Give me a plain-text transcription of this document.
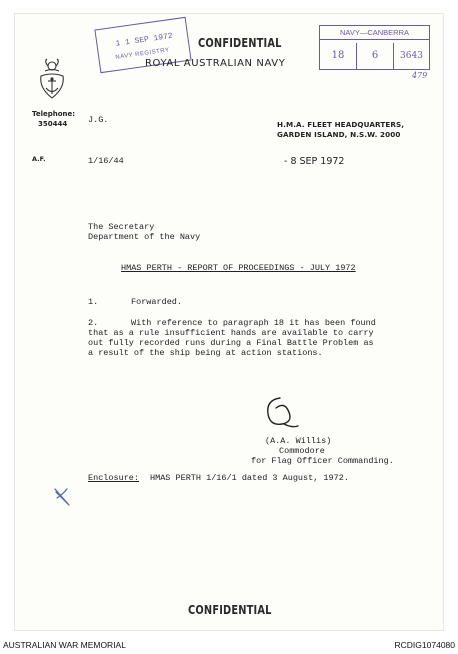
1 1 SEP 1972
NAVY REGISTRY
CONFIDENTIAL
NAVY—CANBERRA
18	6	3643
479
ROYAL AUSTRALIAN NAVY
Telephone:
350444	H.M.A. FLEET HEADQUARTERS,
GARDEN ISLAND, N.S.W. 2000
J.G.
A.F.	1/16/44	- 8 SEP 1972
The Secretary
Department of the Navy
HMAS PERTH - REPORT OF PROCEEDINGS - JULY 1972
1.	Forwarded.
2.	With reference to paragraph 18 it has been found
that as a rule insufficient hands are available to carry
out fully recorded runs during a Final Battle Problem as
a result of the ship being at action stations.
(A.A. Willis)
Commodore
for Flag Officer Commanding.
Enclosure: HMAS PERTH 1/16/1 dated 3 August, 1972.
CONFIDENTIAL
AUSTRALIAN WAR MEMORIAL	RCDIG1074080
